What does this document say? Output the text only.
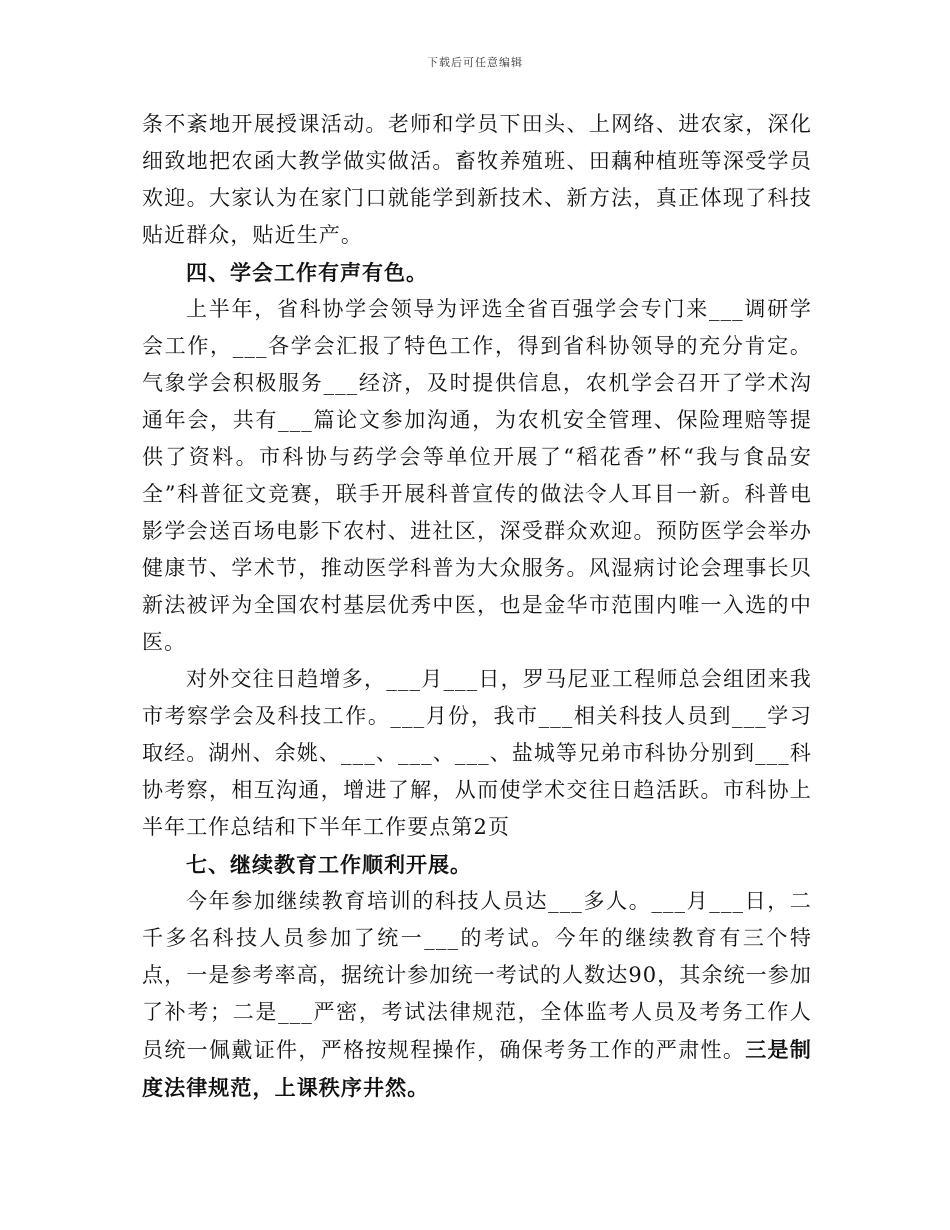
下载后可任意编辑

条不紊地开展授课活动。老师和学员下田头、上网络、进农家，深化细致地把农函大教学做实做活。畜牧养殖班、田藕种植班等深受学员欢迎。大家认为在家门口就能学到新技术、新方法，真正体现了科技贴近群众，贴近生产。

四、学会工作有声有色。

上半年，省科协学会领导为评选全省百强学会专门来___调研学会工作，___各学会汇报了特色工作，得到省科协领导的充分肯定。气象学会积极服务___经济，及时提供信息，农机学会召开了学术沟通年会，共有___篇论文参加沟通，为农机安全管理、保险理赔等提供了资料。市科协与药学会等单位开展了“稻花香”杯“我与食品安全”科普征文竞赛，联手开展科普宣传的做法令人耳目一新。科普电影学会送百场电影下农村、进社区，深受群众欢迎。预防医学会举办健康节、学术节，推动医学科普为大众服务。风湿病讨论会理事长贝新法被评为全国农村基层优秀中医，也是金华市范围内唯一入选的中医。

对外交往日趋增多，___月___日，罗马尼亚工程师总会组团来我市考察学会及科技工作。___月份，我市___相关科技人员到___学习取经。湖州、余姚、___、___、___、盐城等兄弟市科协分别到___科协考察，相互沟通，增进了解，从而使学术交往日趋活跃。市科协上半年工作总结和下半年工作要点第2页

七、继续教育工作顺利开展。

今年参加继续教育培训的科技人员达___多人。___月___日，二千多名科技人员参加了统一___的考试。今年的继续教育有三个特点，一是参考率高，据统计参加统一考试的人数达90，其余统一参加了补考；二是___严密，考试法律规范，全体监考人员及考务工作人员统一佩戴证件，严格按规程操作，确保考务工作的严肃性。三是制度法律规范，上课秩序井然。
